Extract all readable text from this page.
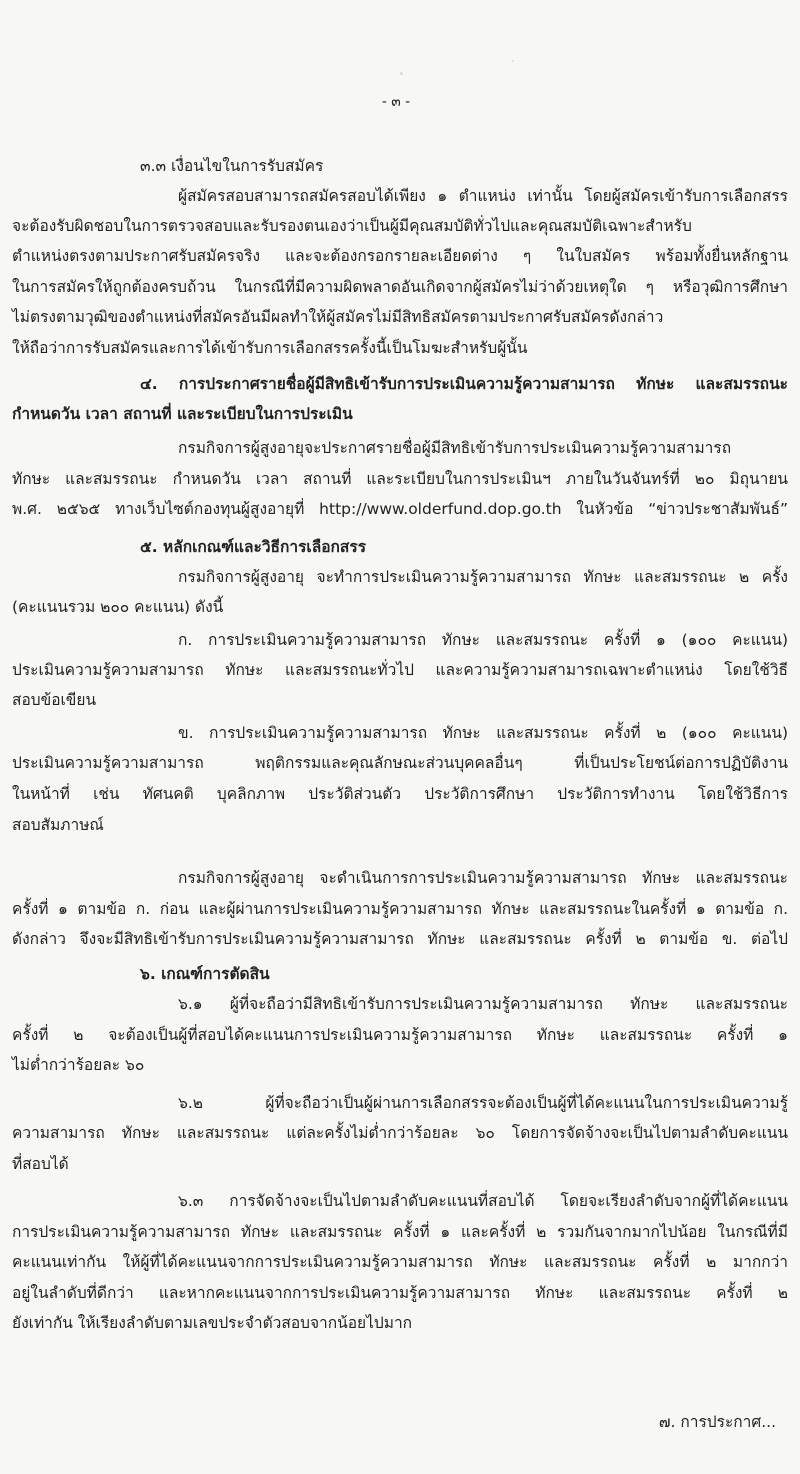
- ๓ -

๓.๓ เงื่อนไขในการรับสมัคร

ผู้สมัครสอบสามารถสมัครสอบได้เพียง ๑ ตำแหน่ง เท่านั้น โดยผู้สมัครเข้ารับการเลือกสรร

จะต้องรับผิดชอบในการตรวจสอบและรับรองตนเองว่าเป็นผู้มีคุณสมบัติทั่วไปและคุณสมบัติเฉพาะสำหรับ

ตำแหน่งตรงตามประกาศรับสมัครจริง และจะต้องกรอกรายละเอียดต่าง ๆ ในใบสมัคร พร้อมทั้งยื่นหลักฐาน

ในการสมัครให้ถูกต้องครบถ้วน ในกรณีที่มีความผิดพลาดอันเกิดจากผู้สมัครไม่ว่าด้วยเหตุใด ๆ หรือวุฒิการศึกษา

ไม่ตรงตามวุฒิของตำแหน่งที่สมัครอันมีผลทำให้ผู้สมัครไม่มีสิทธิสมัครตามประกาศรับสมัครดังกล่าว

ให้ถือว่าการรับสมัครและการได้เข้ารับการเลือกสรรครั้งนี้เป็นโมฆะสำหรับผู้นั้น

๔. การประกาศรายชื่อผู้มีสิทธิเข้ารับการประเมินความรู้ความสามารถ ทักษะ และสมรรถนะ

กำหนดวัน เวลา สถานที่ และระเบียบในการประเมิน

กรมกิจการผู้สูงอายุจะประกาศรายชื่อผู้มีสิทธิเข้ารับการประเมินความรู้ความสามารถ

ทักษะ และสมรรถนะ กำหนดวัน เวลา สถานที่ และระเบียบในการประเมินฯ ภายในวันจันทร์ที่ ๒๐ มิถุนายน

พ.ศ. ๒๕๖๕ ทางเว็บไซต์กองทุนผู้สูงอายุที่ http://www.olderfund.dop.go.th ในหัวข้อ “ข่าวประชาสัมพันธ์”

๕. หลักเกณฑ์และวิธีการเลือกสรร

กรมกิจการผู้สูงอายุ จะทำการประเมินความรู้ความสามารถ ทักษะ และสมรรถนะ ๒ ครั้ง

(คะแนนรวม ๒๐๐ คะแนน) ดังนี้

ก. การประเมินความรู้ความสามารถ ทักษะ และสมรรถนะ ครั้งที่ ๑ (๑๐๐ คะแนน)

ประเมินความรู้ความสามารถ ทักษะ และสมรรถนะทั่วไป และความรู้ความสามารถเฉพาะตำแหน่ง โดยใช้วิธี

สอบข้อเขียน

ข. การประเมินความรู้ความสามารถ ทักษะ และสมรรถนะ ครั้งที่ ๒ (๑๐๐ คะแนน)

ประเมินความรู้ความสามารถ พฤติกรรมและคุณลักษณะส่วนบุคคลอื่นๆ ที่เป็นประโยชน์ต่อการปฏิบัติงาน

ในหน้าที่ เช่น ทัศนคติ บุคลิกภาพ ประวัติส่วนตัว ประวัติการศึกษา ประวัติการทำงาน โดยใช้วิธีการ

สอบสัมภาษณ์

กรมกิจการผู้สูงอายุ จะดำเนินการการประเมินความรู้ความสามารถ ทักษะ และสมรรถนะ

ครั้งที่ ๑ ตามข้อ ก. ก่อน และผู้ผ่านการประเมินความรู้ความสามารถ ทักษะ และสมรรถนะในครั้งที่ ๑ ตามข้อ ก.

ดังกล่าว จึงจะมีสิทธิเข้ารับการประเมินความรู้ความสามารถ ทักษะ และสมรรถนะ ครั้งที่ ๒ ตามข้อ ข. ต่อไป

๖. เกณฑ์การตัดสิน

๖.๑ ผู้ที่จะถือว่ามีสิทธิเข้ารับการประเมินความรู้ความสามารถ ทักษะ และสมรรถนะ

ครั้งที่ ๒ จะต้องเป็นผู้ที่สอบได้คะแนนการประเมินความรู้ความสามารถ ทักษะ และสมรรถนะ ครั้งที่ ๑

ไม่ต่ำกว่าร้อยละ ๖๐

๖.๒ ผู้ที่จะถือว่าเป็นผู้ผ่านการเลือกสรรจะต้องเป็นผู้ที่ได้คะแนนในการประเมินความรู้

ความสามารถ ทักษะ และสมรรถนะ แต่ละครั้งไม่ต่ำกว่าร้อยละ ๖๐ โดยการจัดจ้างจะเป็นไปตามลำดับคะแนน

ที่สอบได้

๖.๓ การจัดจ้างจะเป็นไปตามลำดับคะแนนที่สอบได้ โดยจะเรียงลำดับจากผู้ที่ได้คะแนน

การประเมินความรู้ความสามารถ ทักษะ และสมรรถนะ ครั้งที่ ๑ และครั้งที่ ๒ รวมกันจากมากไปน้อย ในกรณีที่มี

คะแนนเท่ากัน ให้ผู้ที่ได้คะแนนจากการประเมินความรู้ความสามารถ ทักษะ และสมรรถนะ ครั้งที่ ๒ มากกว่า

อยู่ในลำดับที่ดีกว่า และหากคะแนนจากการประเมินความรู้ความสามารถ ทักษะ และสมรรถนะ ครั้งที่ ๒

ยังเท่ากัน ให้เรียงลำดับตามเลขประจำตัวสอบจากน้อยไปมาก

๗. การประกาศ...
